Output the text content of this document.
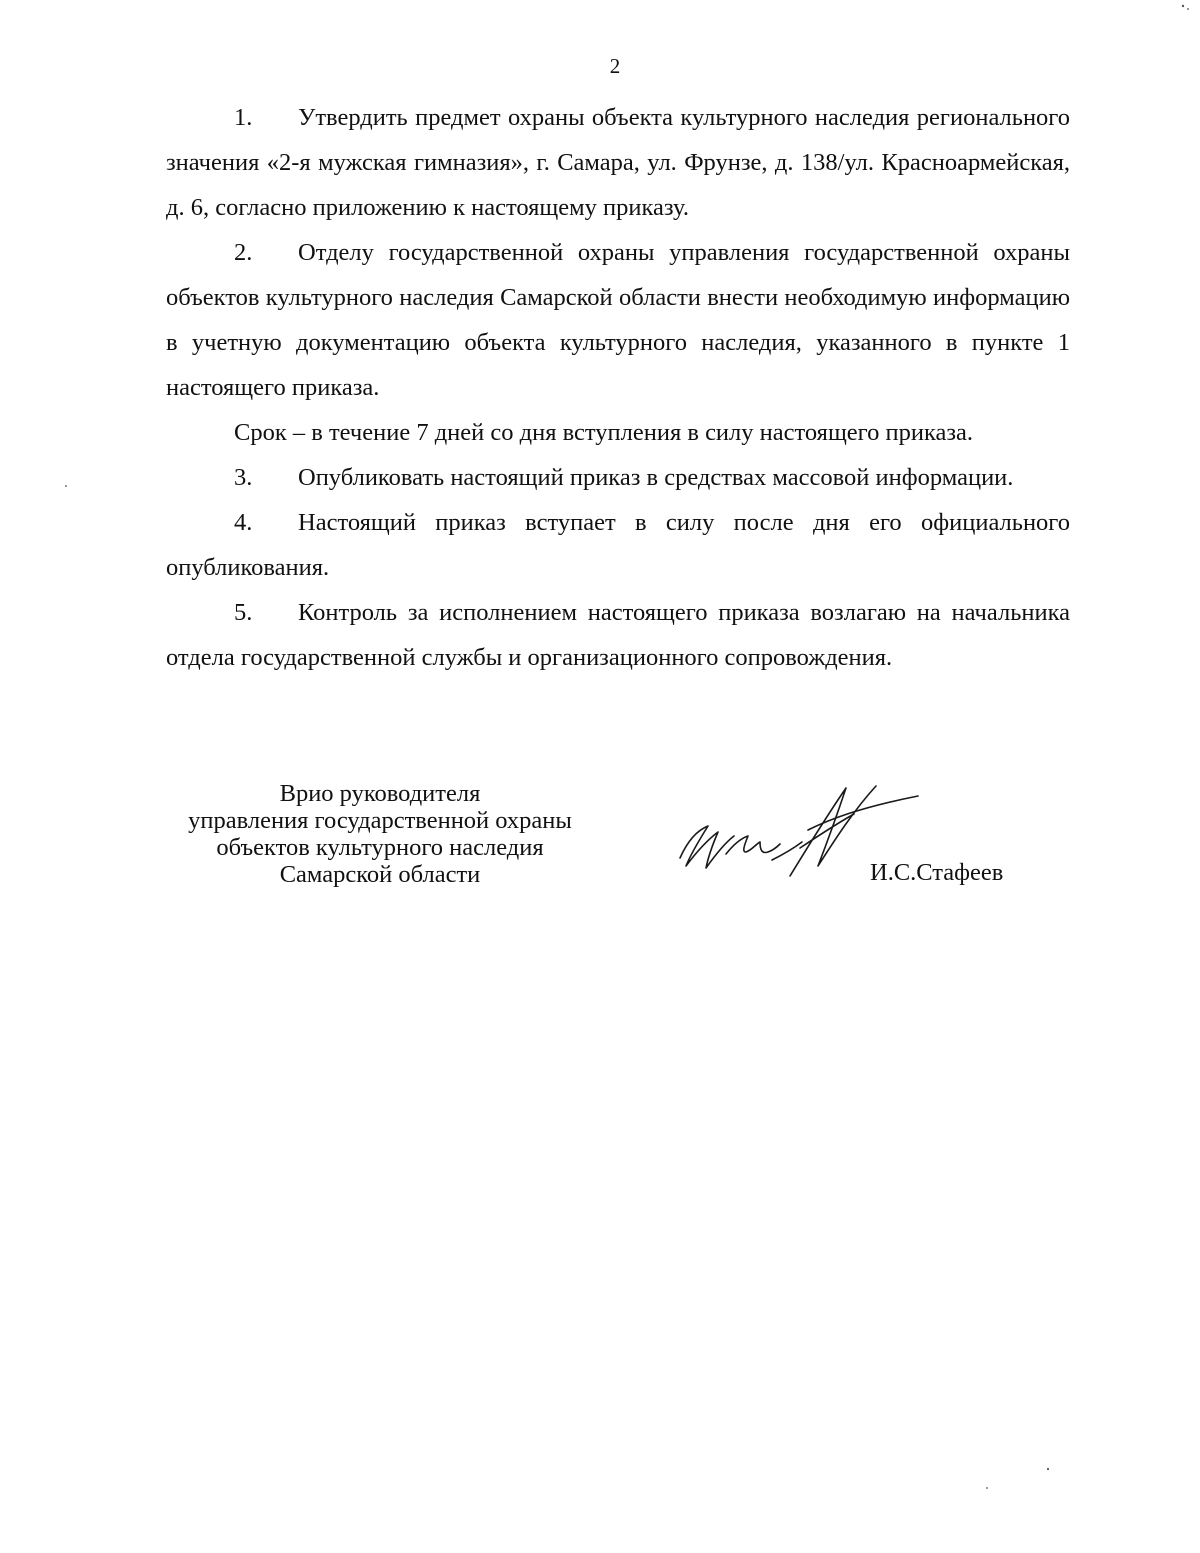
2

1. Утвердить предмет охраны объекта культурного наследия регионального значения «2-я мужская гимназия», г. Самара, ул. Фрунзе, д. 138/ул. Красноармейская, д. 6, согласно приложению к настоящему приказу.

2. Отделу государственной охраны управления государственной охраны объектов культурного наследия Самарской области внести необходимую информацию в учетную документацию объекта культурного наследия, указанного в пункте 1 настоящего приказа.

Срок – в течение 7 дней со дня вступления в силу настоящего приказа.

3. Опубликовать настоящий приказ в средствах массовой информации.

4. Настоящий приказ вступает в силу после дня его официального опубликования.

5. Контроль за исполнением настоящего приказа возлагаю на начальника отдела государственной службы и организационного сопровождения.

Врио руководителя
управления государственной охраны
объектов культурного наследия
Самарской области	И.С.Стафеев
